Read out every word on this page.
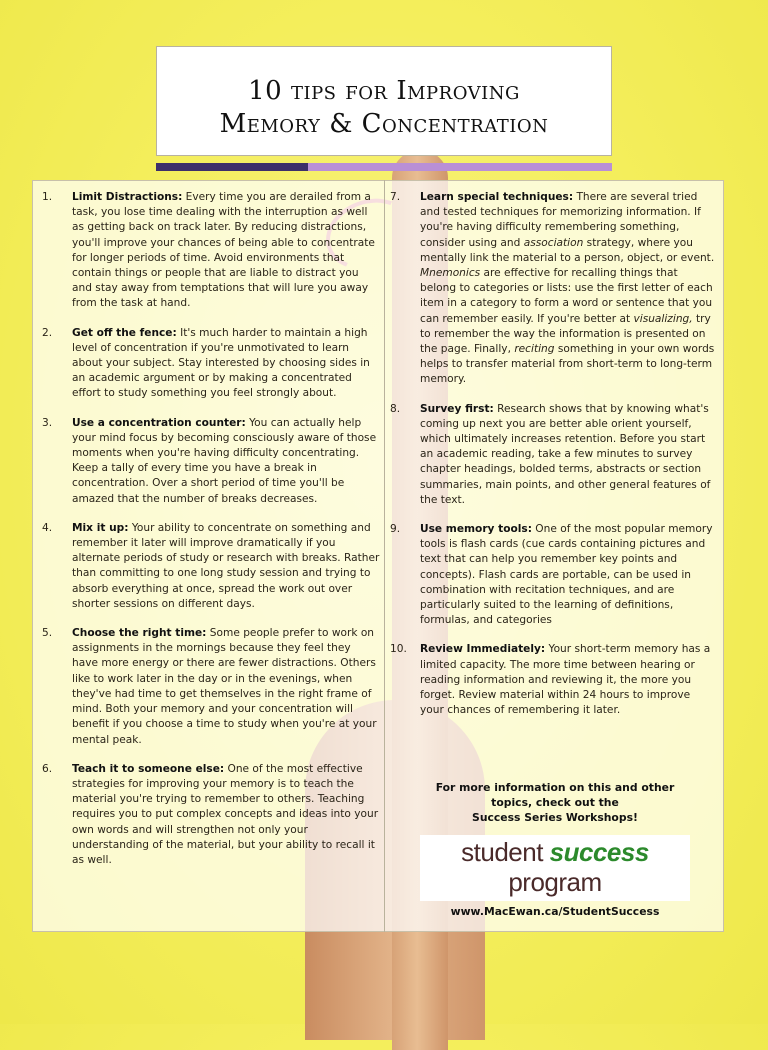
10 tips for Improving
Memory & Concentration
1. Limit Distractions: Every time you are derailed from a task, you lose time dealing with the interruption as well as getting back on track later. By reducing distractions, you'll improve your chances of being able to concentrate for longer periods of time. Avoid environments that contain things or people that are liable to distract you and stay away from temptations that will lure you away from the task at hand.
2. Get off the fence: It's much harder to maintain a high level of concentration if you're unmotivated to learn about your subject. Stay interested by choosing sides in an academic argument or by making a concentrated effort to study something you feel strongly about.
3. Use a concentration counter: You can actually help your mind focus by becoming consciously aware of those moments when you're having difficulty concentrating. Keep a tally of every time you have a break in concentration. Over a short period of time you'll be amazed that the number of breaks decreases.
4. Mix it up: Your ability to concentrate on something and remember it later will improve dramatically if you alternate periods of study or research with breaks. Rather than committing to one long study session and trying to absorb everything at once, spread the work out over shorter sessions on different days.
5. Choose the right time: Some people prefer to work on assignments in the mornings because they feel they have more energy or there are fewer distractions. Others like to work later in the day or in the evenings, when they've had time to get themselves in the right frame of mind. Both your memory and your concentration will benefit if you choose a time to study when you're at your mental peak.
6. Teach it to someone else: One of the most effective strategies for improving your memory is to teach the material you're trying to remember to others. Teaching requires you to put complex concepts and ideas into your own words and will strengthen not only your understanding of the material, but your ability to recall it as well.
7. Learn special techniques: There are several tried and tested techniques for memorizing information. If you're having difficulty remembering something, consider using and association strategy, where you mentally link the material to a person, object, or event. Mnemonics are effective for recalling things that belong to categories or lists: use the first letter of each item in a category to form a word or sentence that you can remember easily. If you're better at visualizing, try to remember the way the information is presented on the page. Finally, reciting something in your own words helps to transfer material from short-term to long-term memory.
8. Survey first: Research shows that by knowing what's coming up next you are better able orient yourself, which ultimately increases retention. Before you start an academic reading, take a few minutes to survey chapter headings, bolded terms, abstracts or section summaries, main points, and other general features of the text.
9. Use memory tools: One of the most popular memory tools is flash cards (cue cards containing pictures and text that can help you remember key points and concepts). Flash cards are portable, can be used in combination with recitation techniques, and are particularly suited to the learning of definitions, formulas, and categories
10. Review Immediately: Your short-term memory has a limited capacity. The more time between hearing or reading information and reviewing it, the more you forget. Review material within 24 hours to improve your chances of remembering it later.
For more information on this and other
topics, check out the
Success Series Workshops!
student success program
www.MacEwan.ca/StudentSuccess
